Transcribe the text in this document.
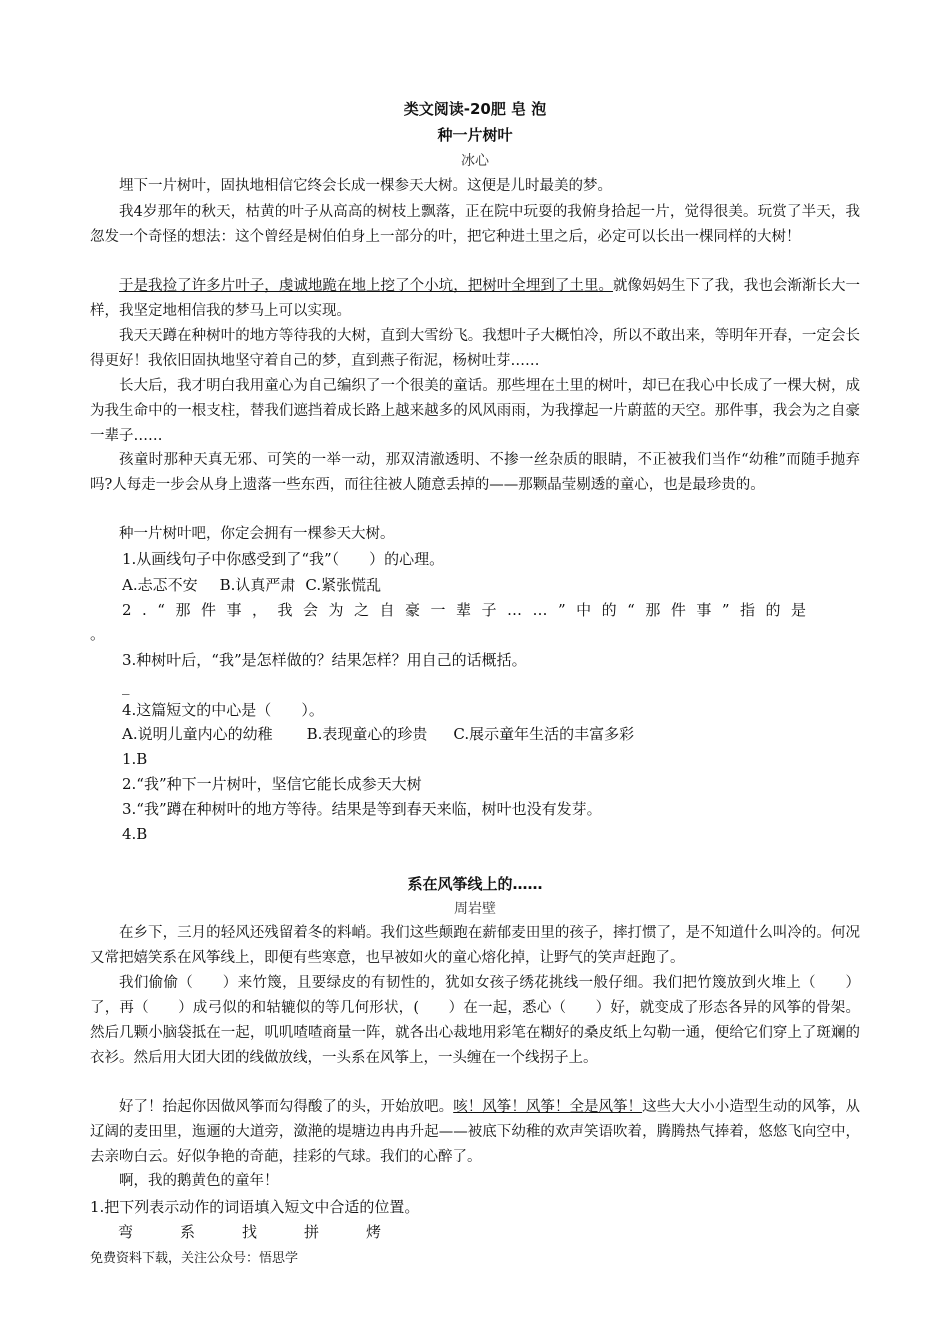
类文阅读-20肥 皂 泡
种一片树叶
冰心
埋下一片树叶，固执地相信它终会长成一棵参天大树。这便是儿时最美的梦。
我4岁那年的秋天，枯黄的叶子从高高的树枝上飘落，正在院中玩耍的我俯身拾起一片，觉得很美。玩赏了半天，我忽发一个奇怪的想法：这个曾经是树伯伯身上一部分的叶，把它种进土里之后，必定可以长出一棵同样的大树！
于是我捡了许多片叶子，虔诚地跪在地上挖了个小坑，把树叶全埋到了土里。就像妈妈生下了我，我也会渐渐长大一样，我坚定地相信我的梦马上可以实现。
我天天蹲在种树叶的地方等待我的大树，直到大雪纷飞。我想叶子大概怕冷，所以不敢出来，等明年开春，一定会长得更好！我依旧固执地坚守着自己的梦，直到燕子衔泥，杨树吐芽……
长大后，我才明白我用童心为自己编织了一个很美的童话。那些埋在土里的树叶，却已在我心中长成了一棵大树，成为我生命中的一根支柱，替我们遮挡着成长路上越来越多的风风雨雨，为我撑起一片蔚蓝的天空。那件事，我会为之自豪一辈子……
孩童时那种天真无邪、可笑的一举一动，那双清澈透明、不掺一丝杂质的眼睛，不正被我们当作“幼稚”而随手抛弃吗?人每走一步会从身上遗落一些东西，而往往被人随意丢掉的——那颗晶莹剔透的童心，也是最珍贵的。
种一片树叶吧，你定会拥有一棵参天大树。
1.从画线句子中你感受到了“我”（　　）的心理。
A.忐忑不安 B.认真严肃 C.紧张慌乱
2.“那件事，我会为之自豪一辈子……”中的“那件事”指的是
。
3.种树叶后，“我”是怎样做的？结果怎样？用自己的话概括。
_
4.这篇短文的中心是（　　）。
A.说明儿童内心的幼稚 B.表现童心的珍贵 C.展示童年生活的丰富多彩
1.B
2.“我”种下一片树叶，坚信它能长成参天大树
3.“我”蹲在种树叶的地方等待。结果是等到春天来临，树叶也没有发芽。
4.B
系在风筝线上的……
周岩壁
在乡下，三月的轻风还残留着冬的料峭。我们这些颠跑在薪郁麦田里的孩子，摔打惯了，是不知道什么叫冷的。何况又常把嬉笑系在风筝线上，即便有些寒意，也早被如火的童心熔化掉，让野气的笑声赶跑了。
我们偷偷（　　）来竹篾，且要绿皮的有韧性的，犹如女孩子绣花挑线一般仔细。我们把竹篾放到火堆上（　　）了，再（　　）成弓似的和轱辘似的等几何形状，(　　）在一起，悉心（　　）好，就变成了形态各异的风筝的骨架。然后几颗小脑袋抵在一起，叽叽喳喳商量一阵，就各出心裁地用彩笔在糊好的桑皮纸上勾勒一通，便给它们穿上了斑斓的衣衫。然后用大团大团的线做放线，一头系在风筝上，一头缠在一个线拐子上。
好了！抬起你因做风筝而勾得酸了的头，开始放吧。咳！风筝！风筝！全是风筝！这些大大小小造型生动的风筝，从辽阔的麦田里，迤逦的大道旁，潋滟的堤塘边冉冉升起——被底下幼稚的欢声笑语吹着，腾腾热气捧着，悠悠飞向空中，去亲吻白云。好似争艳的奇葩，挂彩的气球。我们的心醉了。
啊，我的鹅黄色的童年！
1.把下列表示动作的词语填入短文中合适的位置。
弯	系	找	拼	烤
免费资料下载，关注公众号：悟思学
